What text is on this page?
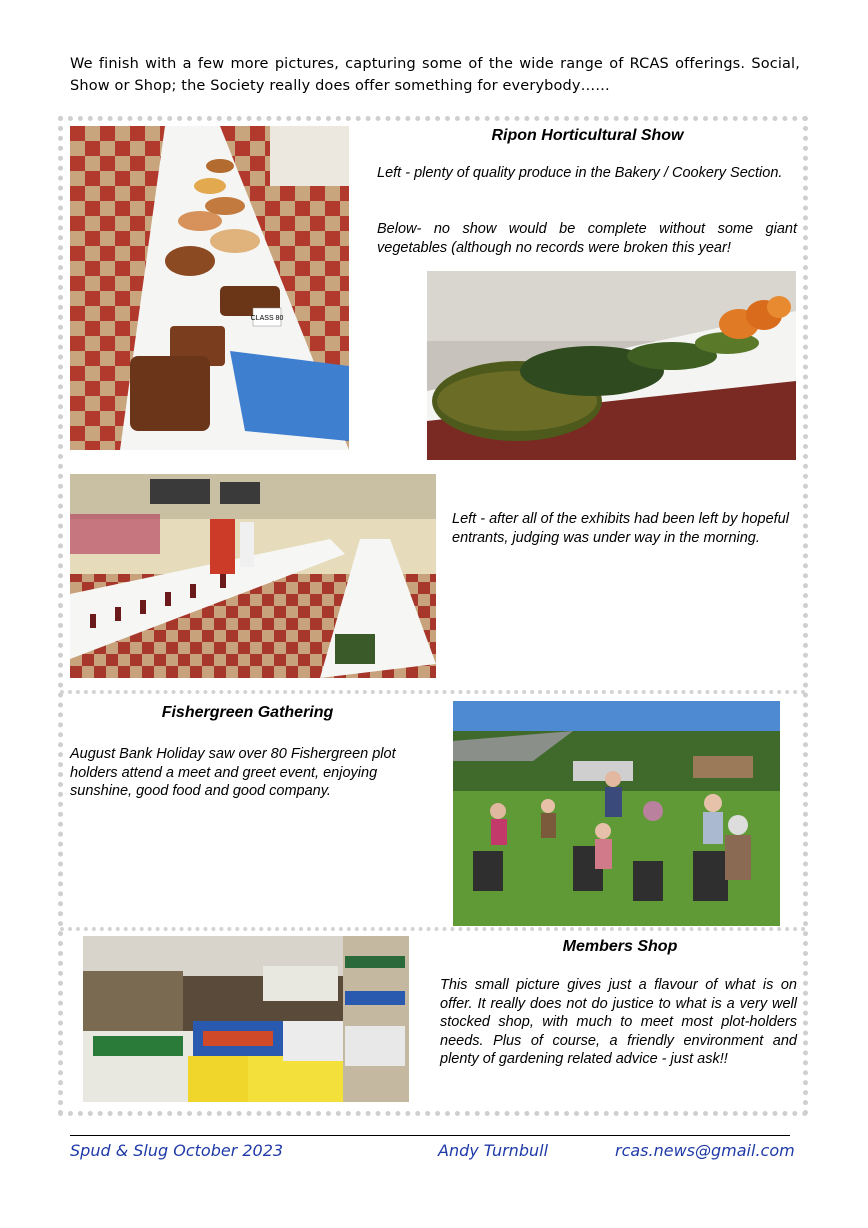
We finish with a few more pictures, capturing some of the wide range of RCAS offerings. Social, Show or Shop; the Society really does offer something for everybody……
CLASS 80
Ripon Horticultural Show
Left - plenty of quality produce in the Bakery / Cookery Section.
Below- no show would be complete without some giant vegetables (although no records were broken this year!
Left - after all of the exhibits had been left by hopeful entrants, judging was under way in the morning.
Fishergreen Gathering
August Bank Holiday saw over 80 Fishergreen plot holders attend a meet and greet event, enjoying sunshine, good food and good company.
Members Shop
This small picture gives just a flavour of what is on offer. It really does not do justice to what is a very well stocked shop, with much to meet most plot-holders needs. Plus of course, a friendly environment and plenty of gardening related advice - just ask!!
Spud & Slug October 2023	Andy Turnbull	rcas.news@gmail.com
